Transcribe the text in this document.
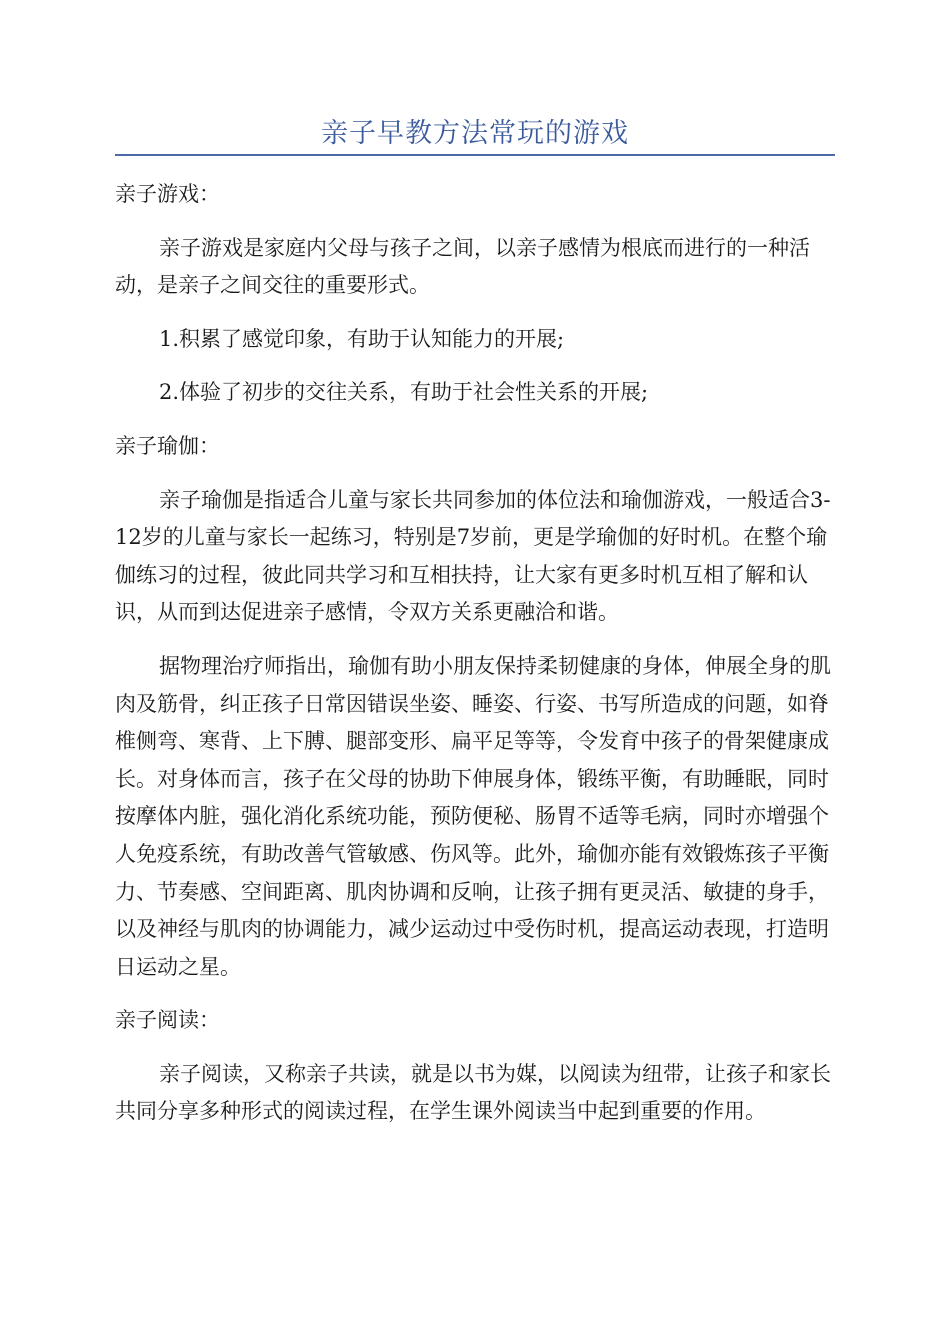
亲子早教方法常玩的游戏

亲子游戏：

亲子游戏是家庭内父母与孩子之间，以亲子感情为根底而进行的一种活动，是亲子之间交往的重要形式。

1.积累了感觉印象，有助于认知能力的开展;

2.体验了初步的交往关系，有助于社会性关系的开展;

亲子瑜伽：

亲子瑜伽是指适合儿童与家长共同参加的体位法和瑜伽游戏，一般适合3-12岁的儿童与家长一起练习，特别是7岁前，更是学瑜伽的好时机。在整个瑜伽练习的过程，彼此同共学习和互相扶持，让大家有更多时机互相了解和认识，从而到达促进亲子感情，令双方关系更融洽和谐。

据物理治疗师指出，瑜伽有助小朋友保持柔韧健康的身体，伸展全身的肌肉及筋骨，纠正孩子日常因错误坐姿、睡姿、行姿、书写所造成的问题，如脊椎侧弯、寒背、上下膊、腿部变形、扁平足等等，令发育中孩子的骨架健康成长。对身体而言，孩子在父母的协助下伸展身体，锻练平衡，有助睡眠，同时按摩体内脏，强化消化系统功能，预防便秘、肠胃不适等毛病，同时亦增强个人免疫系统，有助改善气管敏感、伤风等。此外，瑜伽亦能有效锻炼孩子平衡力、节奏感、空间距离、肌肉协调和反响，让孩子拥有更灵活、敏捷的身手，以及神经与肌肉的协调能力，减少运动过中受伤时机，提高运动表现，打造明日运动之星。

亲子阅读：

亲子阅读，又称亲子共读，就是以书为媒，以阅读为纽带，让孩子和家长共同分享多种形式的阅读过程，在学生课外阅读当中起到重要的作用。
